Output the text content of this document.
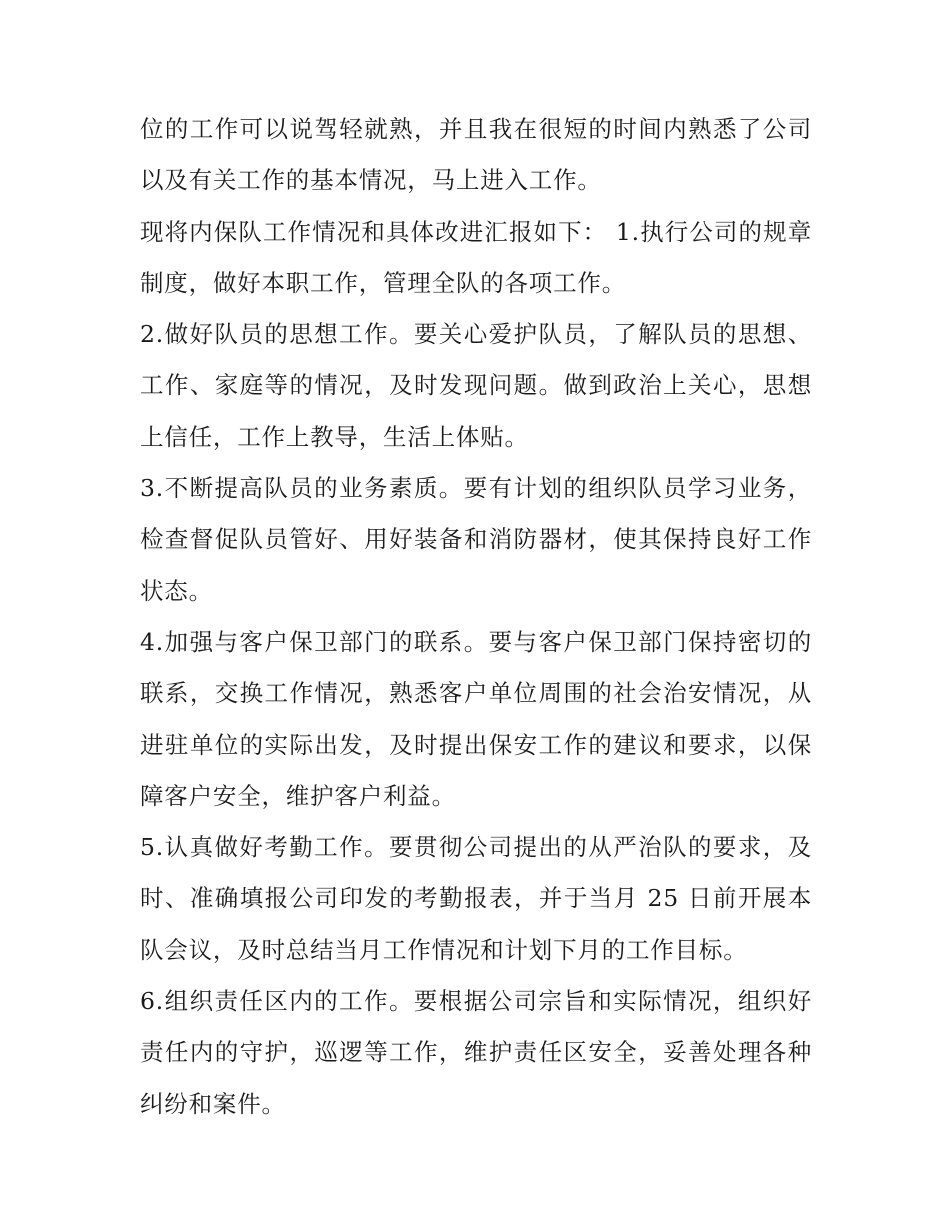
位的工作可以说驾轻就熟，并且我在很短的时间内熟悉了公司以及有关工作的基本情况，马上进入工作。

现将内保队工作情况和具体改进汇报如下： 1.执行公司的规章制度，做好本职工作，管理全队的各项工作。

2.做好队员的思想工作。要关心爱护队员，了解队员的思想、工作、家庭等的情况，及时发现问题。做到政治上关心，思想上信任，工作上教导，生活上体贴。

3.不断提高队员的业务素质。要有计划的组织队员学习业务，检查督促队员管好、用好装备和消防器材，使其保持良好工作状态。

4.加强与客户保卫部门的联系。要与客户保卫部门保持密切的联系，交换工作情况，熟悉客户单位周围的社会治安情况，从进驻单位的实际出发，及时提出保安工作的建议和要求，以保障客户安全，维护客户利益。

5.认真做好考勤工作。要贯彻公司提出的从严治队的要求，及时、准确填报公司印发的考勤报表，并于当月 25 日前开展本队会议，及时总结当月工作情况和计划下月的工作目标。

6.组织责任区内的工作。要根据公司宗旨和实际情况，组织好责任内的守护，巡逻等工作，维护责任区安全，妥善处理各种纠纷和案件。
